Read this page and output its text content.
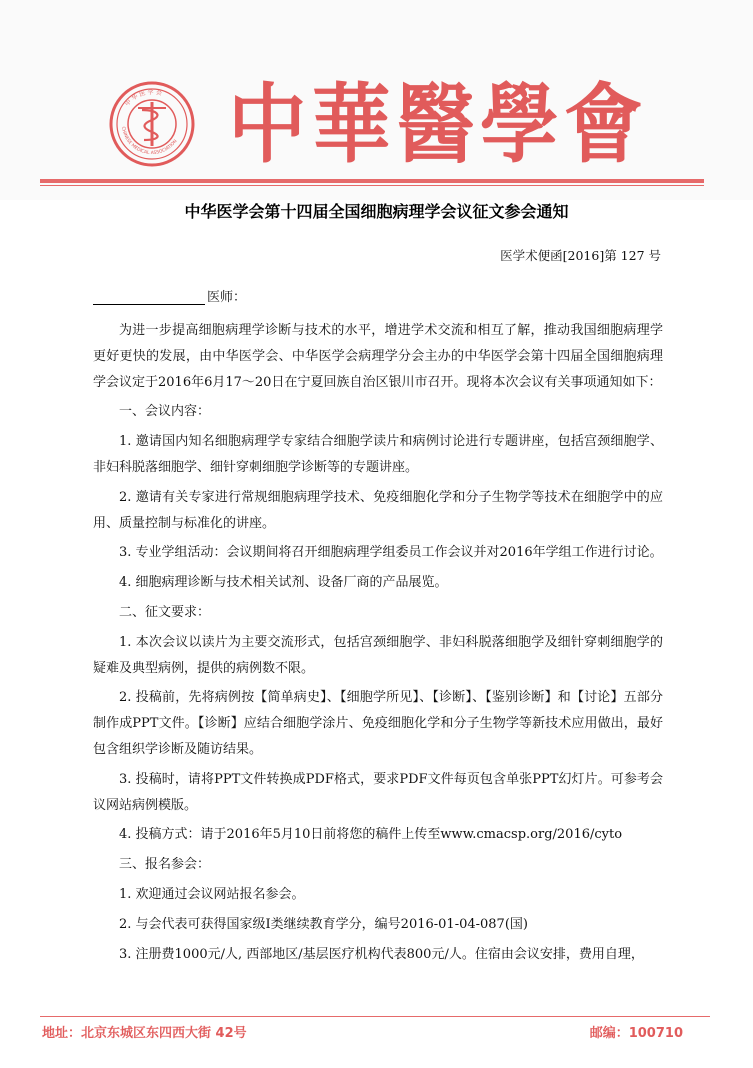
中 华 医 学 会
CHINESE MEDICAL ASSOCIATION 中華醫學會
中华医学会第十四届全国细胞病理学会议征文参会通知
医学术便函[2016]第 127 号
医师：

为进一步提高细胞病理学诊断与技术的水平，增进学术交流和相互了解，推动我国细胞病理学更好更快的发展，由中华医学会、中华医学会病理学分会主办的中华医学会第十四届全国细胞病理学会议定于2016年6月17～20日在宁夏回族自治区银川市召开。现将本次会议有关事项通知如下：

一、会议内容：

1. 邀请国内知名细胞病理学专家结合细胞学读片和病例讨论进行专题讲座，包括宫颈细胞学、非妇科脱落细胞学、细针穿刺细胞学诊断等的专题讲座。

2. 邀请有关专家进行常规细胞病理学技术、免疫细胞化学和分子生物学等技术在细胞学中的应用、质量控制与标准化的讲座。

3. 专业学组活动：会议期间将召开细胞病理学组委员工作会议并对2016年学组工作进行讨论。

4. 细胞病理诊断与技术相关试剂、设备厂商的产品展览。

二、征文要求：

1. 本次会议以读片为主要交流形式，包括宫颈细胞学、非妇科脱落细胞学及细针穿刺细胞学的疑难及典型病例，提供的病例数不限。

2. 投稿前，先将病例按【简单病史】、【细胞学所见】、【诊断】、【鉴别诊断】和【讨论】五部分制作成PPT文件。【诊断】应结合细胞学涂片、免疫细胞化学和分子生物学等新技术应用做出，最好包含组织学诊断及随访结果。

3. 投稿时，请将PPT文件转换成PDF格式，要求PDF文件每页包含单张PPT幻灯片。可参考会议网站病例模版。

4. 投稿方式：请于2016年5月10日前将您的稿件上传至www.cmacsp.org/2016/cyto

三、报名参会：

1. 欢迎通过会议网站报名参会。

2. 与会代表可获得国家级Ⅰ类继续教育学分，编号2016-01-04-087(国)

3. 注册费1000元/人, 西部地区/基层医疗机构代表800元/人。住宿由会议安排，费用自理，

地址：北京东城区东四西大街 42号	邮编：100710
